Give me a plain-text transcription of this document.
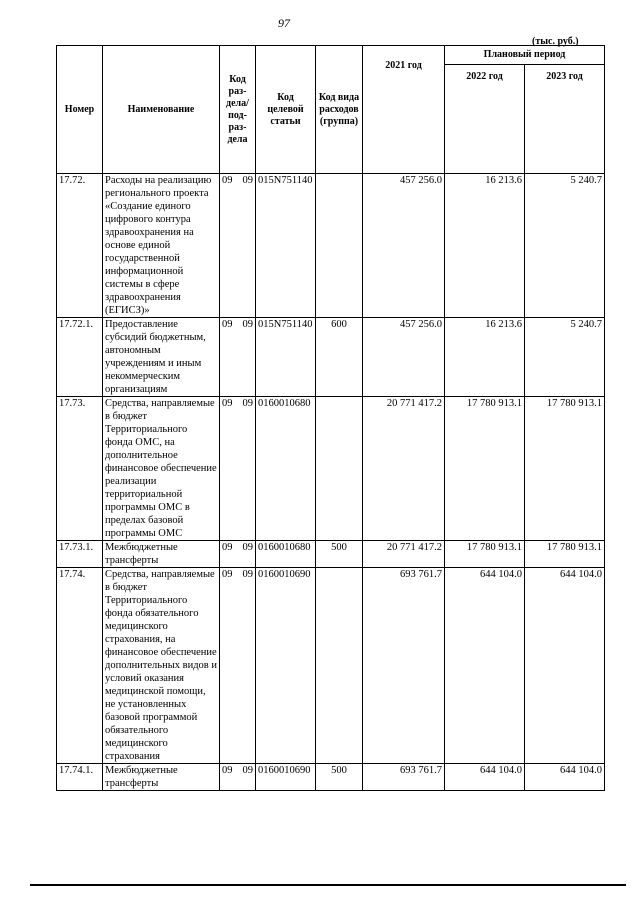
97
(тыс. руб.)
Номер	Наименование	Код раз-дела/ под-раз-дела	Код целевой статьи	Код вида расходов (группа)	2021 год	Плановый период	
						2022 год	2023 год
17.72.	Расходы на реализацию регионального проекта «Создание единого цифрового контура здравоохранения на основе единой государственной информационной системы в сфере здравоохранения (ЕГИСЗ)»	09 09	015N751140		457 256.0	16 213.6	5 240.7
17.72.1.	Предоставление субсидий бюджетным, автономным учреждениям и иным некоммерческим организациям	09 09	015N751140	600	457 256.0	16 213.6	5 240.7
17.73.	Средства, направляемые в бюджет Территориального фонда ОМС, на дополнительное финансовое обеспечение реализации территориальной программы ОМС в пределах базовой программы ОМС	09 09	0160010680		20 771 417.2	17 780 913.1	17 780 913.1
17.73.1.	Межбюджетные трансферты	09 09	0160010680	500	20 771 417.2	17 780 913.1	17 780 913.1
17.74.	Средства, направляемые в бюджет Территориального фонда обязательного медицинского страхования, на финансовое обеспечение дополнительных видов и условий оказания медицинской помощи, не установленных базовой программой обязательного медицинского страхования	09 09	0160010690		693 761.7	644 104.0	644 104.0
17.74.1.	Межбюджетные трансферты	09 09	0160010690	500	693 761.7	644 104.0	644 104.0
